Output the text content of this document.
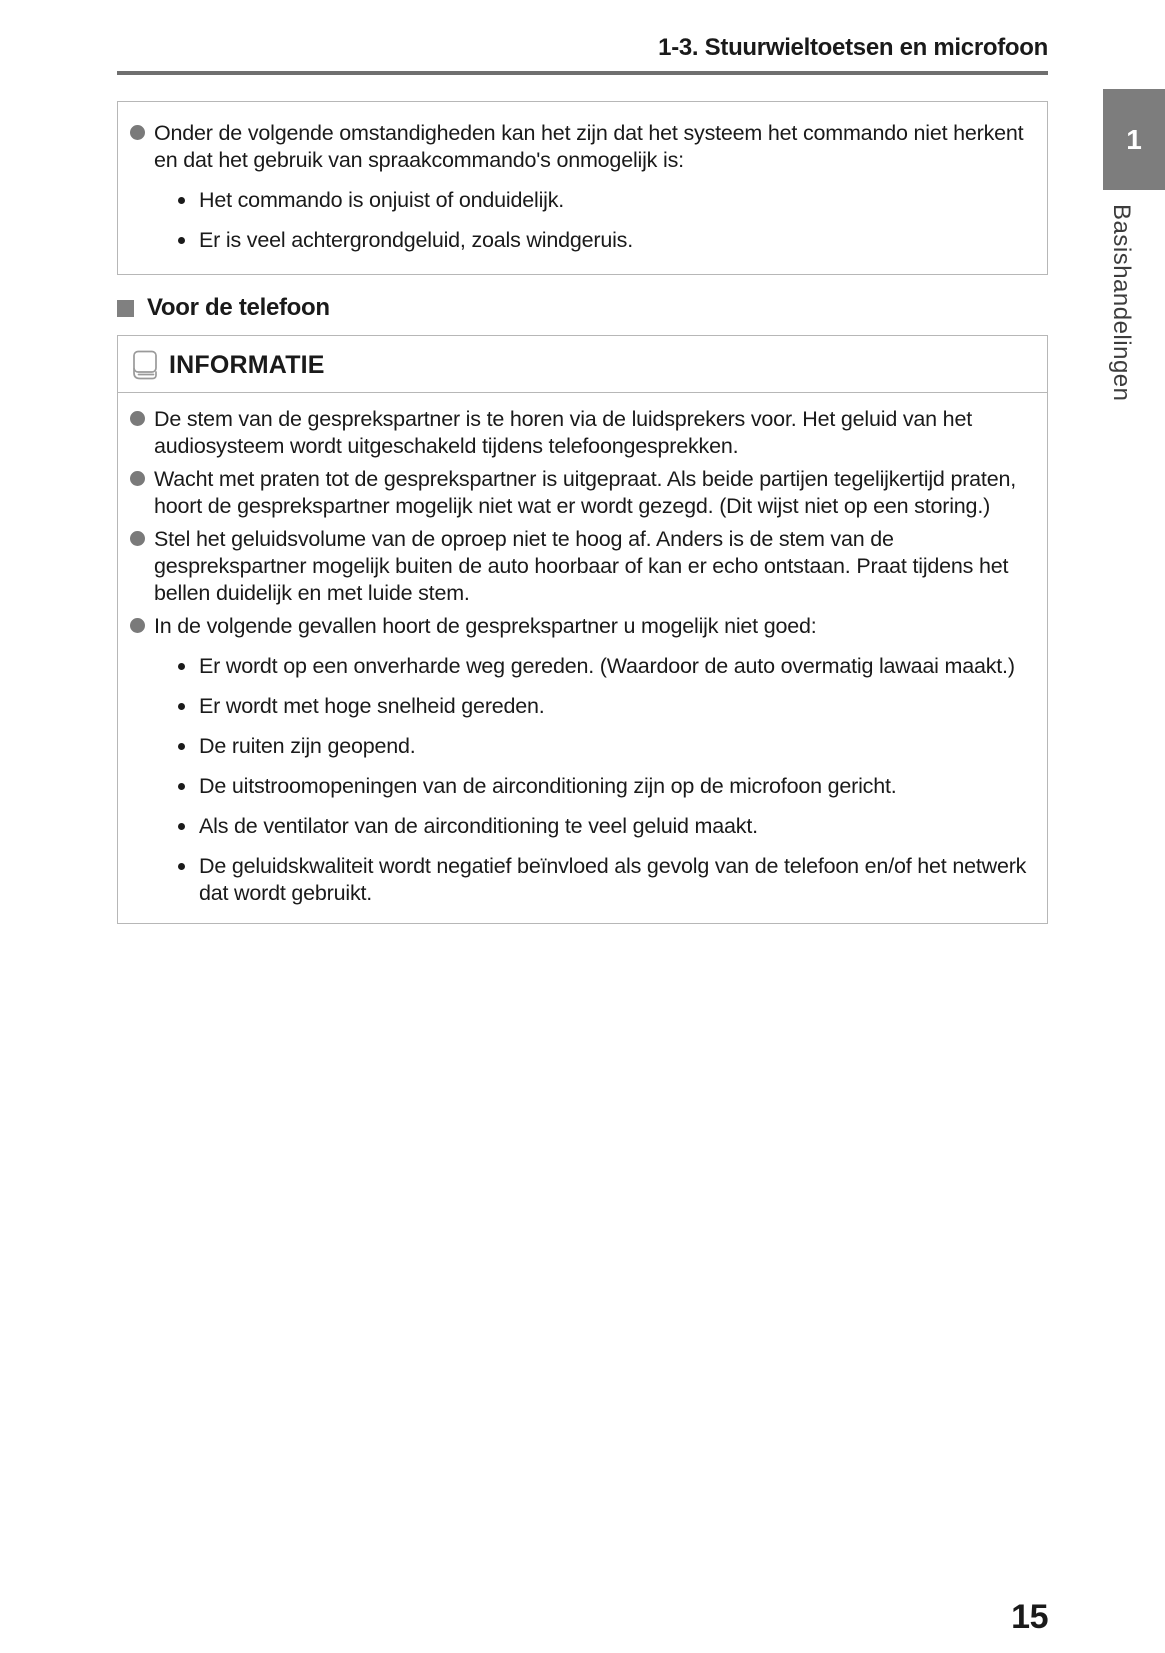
1-3. Stuurwieltoetsen en microfoon

Onder de volgende omstandigheden kan het zijn dat het systeem het commando niet herkent en dat het gebruik van spraakcommando's onmogelijk is:

Het commando is onjuist of onduidelijk.

Er is veel achtergrondgeluid, zoals windgeruis.

Voor de telefoon
INFORMATIE

De stem van de gesprekspartner is te horen via de luidsprekers voor. Het geluid van het audiosysteem wordt uitgeschakeld tijdens telefoongesprekken.

Wacht met praten tot de gesprekspartner is uitgepraat. Als beide partijen tegelijkertijd praten, hoort de gesprekspartner mogelijk niet wat er wordt gezegd. (Dit wijst niet op een storing.)

Stel het geluidsvolume van de oproep niet te hoog af. Anders is de stem van de gesprekspartner mogelijk buiten de auto hoorbaar of kan er echo ontstaan. Praat tijdens het bellen duidelijk en met luide stem.

In de volgende gevallen hoort de gesprekspartner u mogelijk niet goed:

Er wordt op een onverharde weg gereden. (Waardoor de auto overmatig lawaai maakt.)

Er wordt met hoge snelheid gereden.

De ruiten zijn geopend.

De uitstroomopeningen van de airconditioning zijn op de microfoon gericht.

Als de ventilator van de airconditioning te veel geluid maakt.

De geluidskwaliteit wordt negatief beïnvloed als gevolg van de telefoon en/of het netwerk dat wordt gebruikt.

1
Basishandelingen
15
